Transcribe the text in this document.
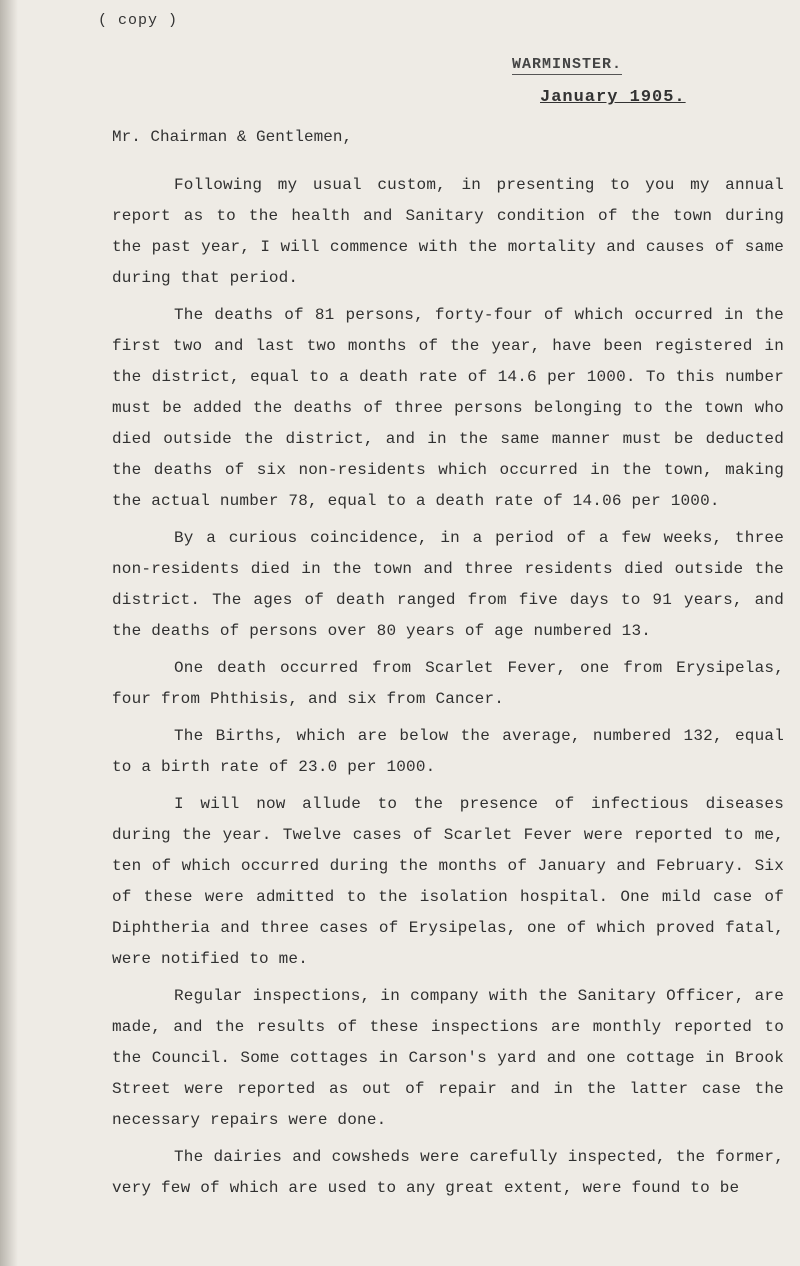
( copy )
WARMINSTER.
January 1905.
Mr. Chairman & Gentlemen,

Following my usual custom, in presenting to you my annual report as to the health and Sanitary condition of the town during the past year, I will commence with the mortality and causes of same during that period.

The deaths of 81 persons, forty-four of which occurred in the first two and last two months of the year, have been registered in the district, equal to a death rate of 14.6 per 1000. To this number must be added the deaths of three persons belonging to the town who died outside the district, and in the same manner must be deducted the deaths of six non-residents which occurred in the town, making the actual number 78, equal to a death rate of 14.06 per 1000.

By a curious coincidence, in a period of a few weeks, three non-residents died in the town and three residents died outside the district. The ages of death ranged from five days to 91 years, and the deaths of persons over 80 years of age numbered 13.

One death occurred from Scarlet Fever, one from Erysipelas, four from Phthisis, and six from Cancer.

The Births, which are below the average, numbered 132, equal to a birth rate of 23.0 per 1000.

I will now allude to the presence of infectious diseases during the year. Twelve cases of Scarlet Fever were reported to me, ten of which occurred during the months of January and February. Six of these were admitted to the isolation hospital. One mild case of Diphtheria and three cases of Erysipelas, one of which proved fatal, were notified to me.

Regular inspections, in company with the Sanitary Officer, are made, and the results of these inspections are monthly reported to the Council. Some cottages in Carson's yard and one cottage in Brook Street were reported as out of repair and in the latter case the necessary repairs were done.

The dairies and cowsheds were carefully inspected, the former, very few of which are used to any great extent, were found to be
